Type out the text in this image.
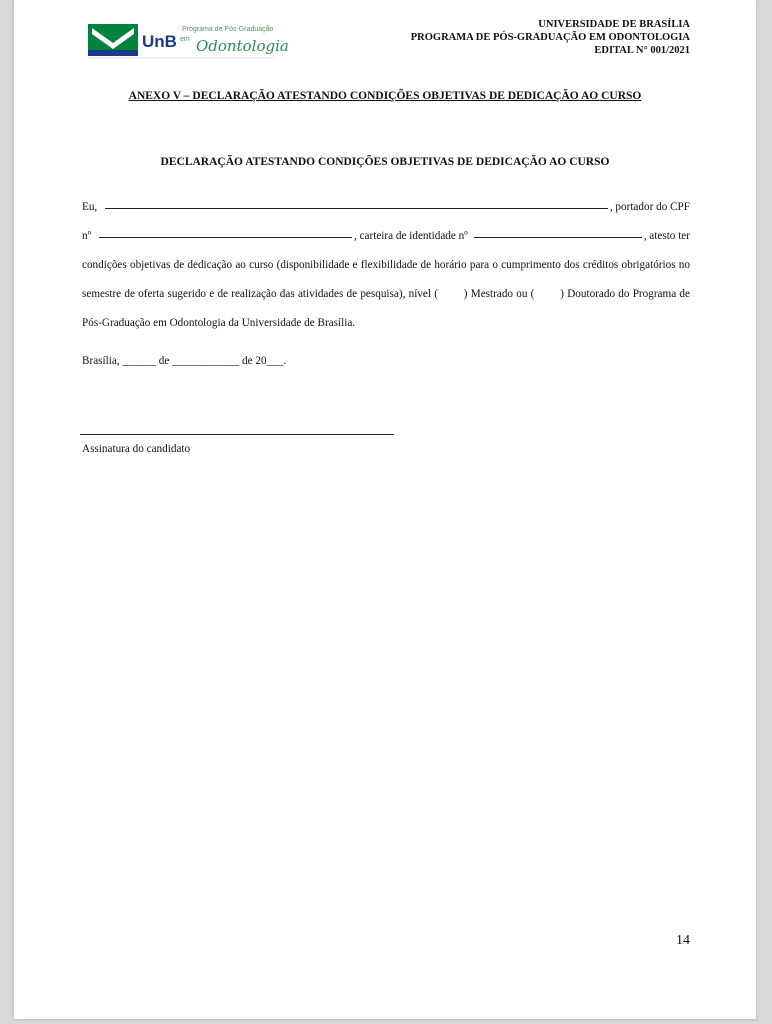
UnB
Programa de Pós-Graduação
em Odontologia
UNIVERSIDADE DE BRASÍLIA
PROGRAMA DE PÓS-GRADUAÇÃO EM ODONTOLOGIA
EDITAL N° 001/2021
ANEXO V – DECLARAÇÃO ATESTANDO CONDIÇÕES OBJETIVAS DE DEDICAÇÃO AO CURSO
DECLARAÇÃO ATESTANDO CONDIÇÕES OBJETIVAS DE DEDICAÇÃO AO CURSO
Eu,	, portador do CPF
nº	, carteira de identidade nº	, atesto ter
condições objetivas de dedicação ao curso (disponibilidade e flexibilidade de horário para o cumprimento dos créditos obrigatórios no semestre de oferta sugerido e de realização das atividades de pesquisa), nível (        ) Mestrado ou (        ) Doutorado do Programa de Pós-Graduação em Odontologia da Universidade de Brasília.
Brasília, ______ de ____________ de 20___.
Assinatura do candidato
14
